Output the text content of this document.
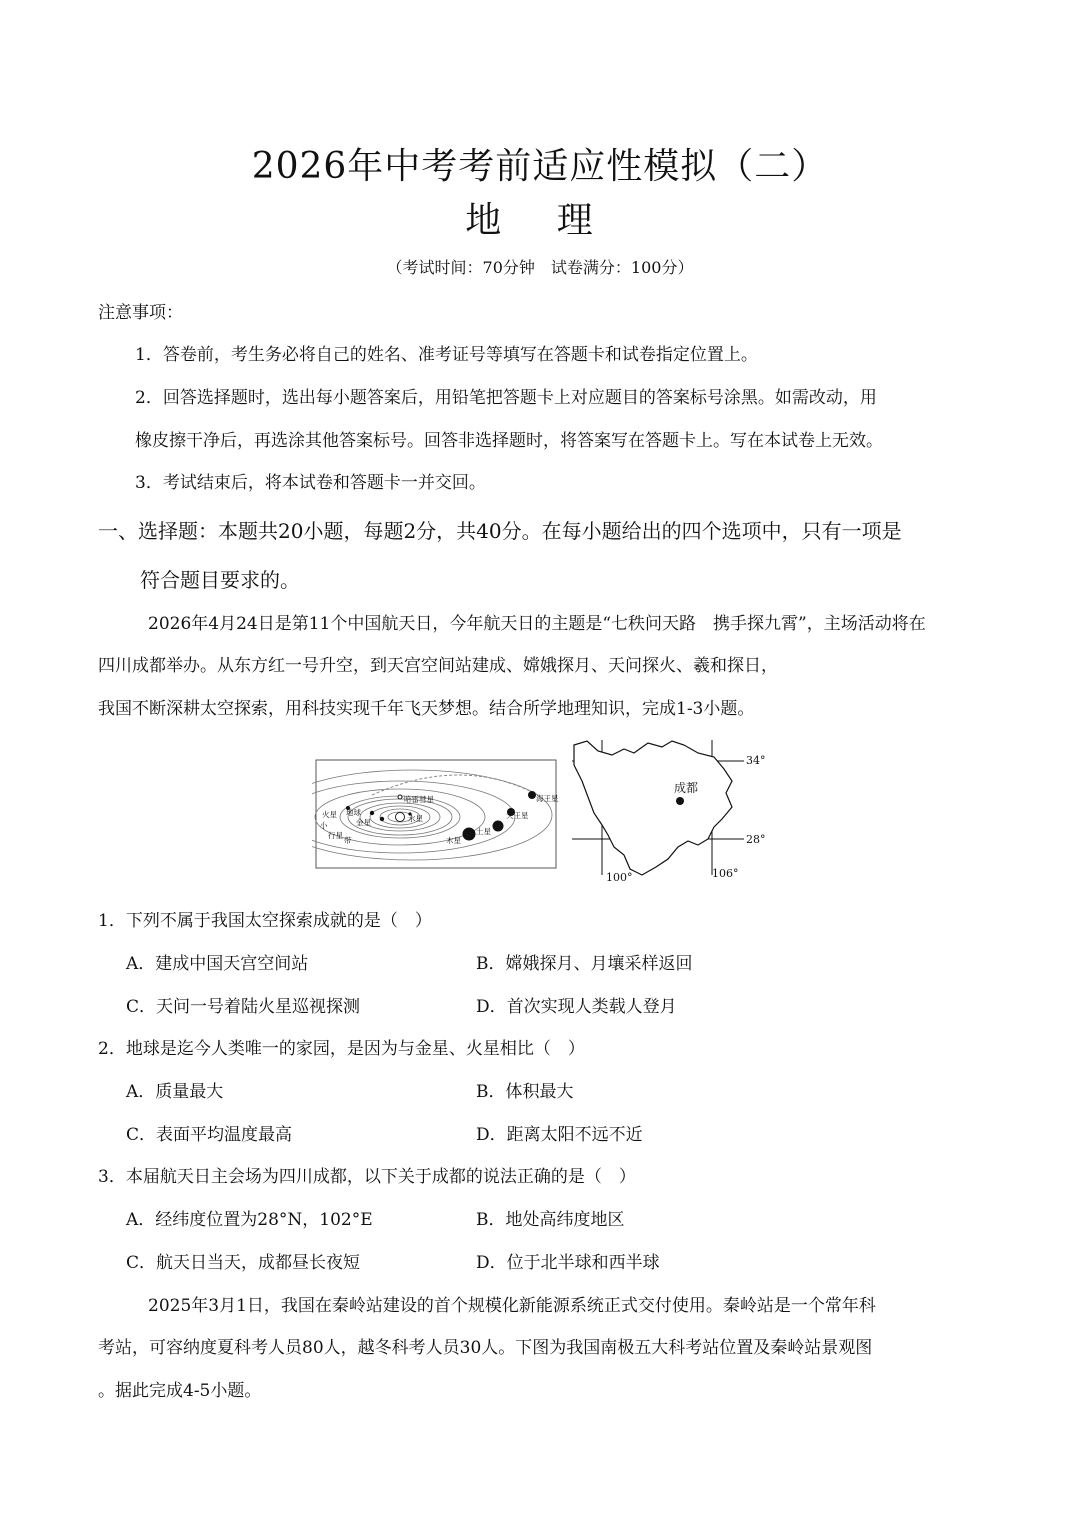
2026年中考考前适应性模拟（二）
地 理
（考试时间：70分钟　试卷满分：100分）
注意事项：
1．答卷前，考生务必将自己的姓名、准考证号等填写在答题卡和试卷指定位置上。
2．回答选择题时，选出每小题答案后，用铅笔把答题卡上对应题目的答案标号涂黑。如需改动，用
橡皮擦干净后，再选涂其他答案标号。回答非选择题时，将答案写在答题卡上。写在本试卷上无效。
3．考试结束后，将本试卷和答题卡一并交回。
一、选择题：本题共20小题，每题2分，共40分。在每小题给出的四个选项中，只有一项是
符合题目要求的。
2026年4月24日是第11个中国航天日，今年航天日的主题是“七秩问天路　携手探九霄”，主场活动将在
四川成都举办。从东方红一号升空，到天宫空间站建成、嫦娥探月、天问探火、羲和探日，
我国不断深耕太空探索，用科技实现千年飞天梦想。结合所学地理知识，完成1-3小题。
火星 地球
金星	水星
哈雷彗星	海王星
天王星
木星
土星
小
行星
带
成都
34°
28°
100°	106°
1．下列不属于我国太空探索成就的是（　）
A．建成中国天宫空间站	B．嫦娥探月、月壤采样返回
C．天问一号着陆火星巡视探测	D．首次实现人类载人登月
2．地球是迄今人类唯一的家园，是因为与金星、火星相比（　）
A．质量最大	B．体积最大
C．表面平均温度最高	D．距离太阳不远不近
3．本届航天日主会场为四川成都，以下关于成都的说法正确的是（　）
A．经纬度位置为28°N，102°E	B．地处高纬度地区
C．航天日当天，成都昼长夜短	D．位于北半球和西半球
2025年3月1日，我国在秦岭站建设的首个规模化新能源系统正式交付使用。秦岭站是一个常年科
考站，可容纳度夏科考人员80人，越冬科考人员30人。下图为我国南极五大科考站位置及秦岭站景观图
。据此完成4-5小题。
